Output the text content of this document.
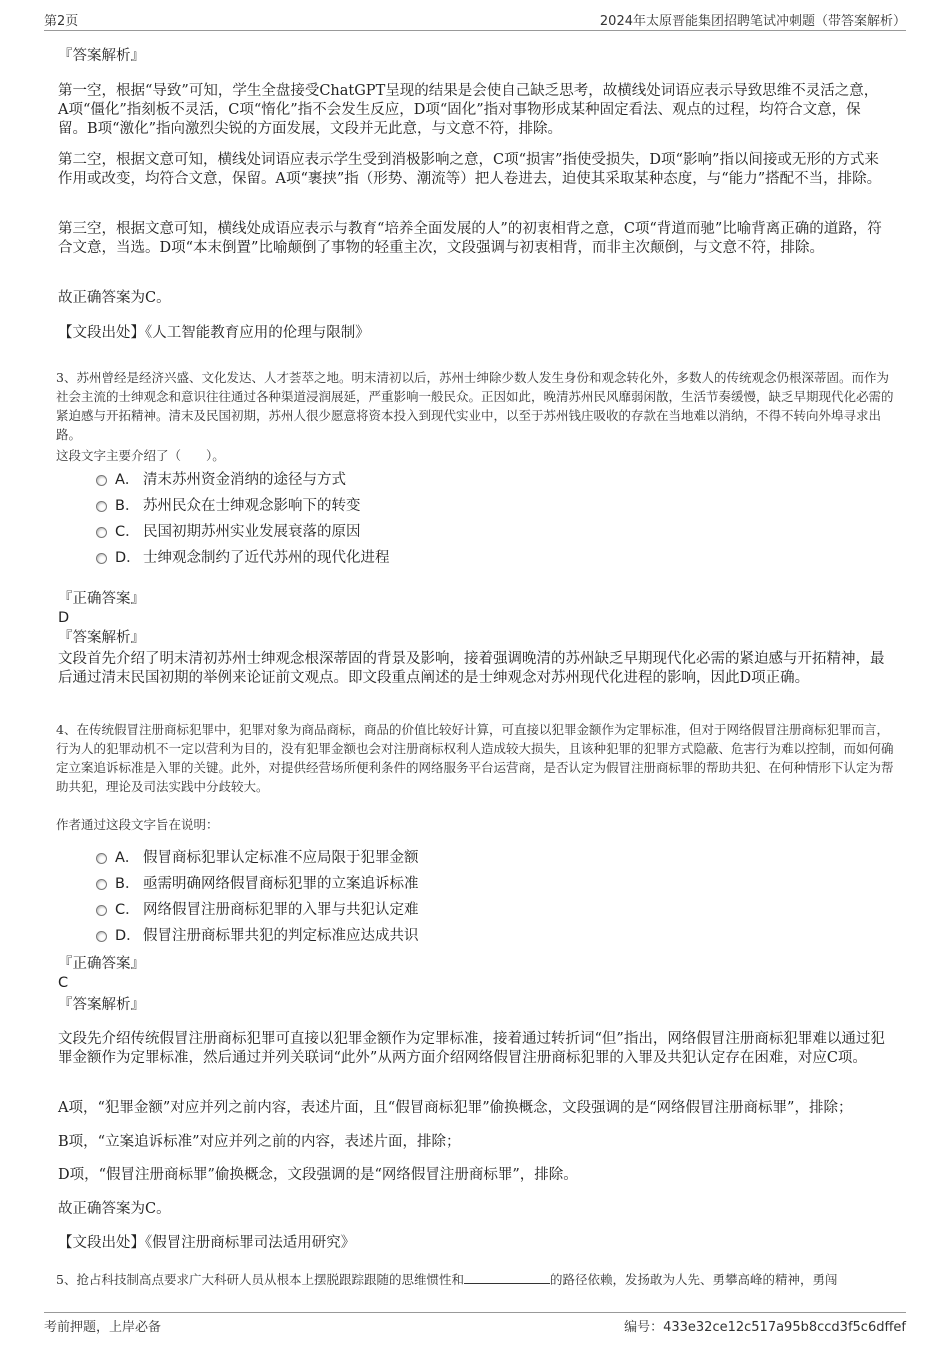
第2页	2024年太原晋能集团招聘笔试冲刺题（带答案解析）
『答案解析』
第一空，根据“导致”可知，学生全盘接受ChatGPT呈现的结果是会使自己缺乏思考，故横线处词语应表示导致思维不灵活之意，A项“僵化”指刻板不灵活，C项“惰化”指不会发生反应，D项“固化”指对事物形成某种固定看法、观点的过程，均符合文意，保留。B项“激化”指向激烈尖锐的方面发展，文段并无此意，与文意不符，排除。
第二空，根据文意可知，横线处词语应表示学生受到消极影响之意，C项“损害”指使受损失，D项“影响”指以间接或无形的方式来作用或改变，均符合文意，保留。A项“裹挟”指（形势、潮流等）把人卷进去，迫使其采取某种态度，与“能力”搭配不当，排除。
第三空，根据文意可知，横线处成语应表示与教育“培养全面发展的人”的初衷相背之意，C项“背道而驰”比喻背离正确的道路，符合文意，当选。D项“本末倒置”比喻颠倒了事物的轻重主次，文段强调与初衷相背，而非主次颠倒，与文意不符，排除。
故正确答案为C。
【文段出处】《人工智能教育应用的伦理与限制》
3、苏州曾经是经济兴盛、文化发达、人才荟萃之地。明末清初以后，苏州士绅除少数人发生身份和观念转化外，多数人的传统观念仍根深蒂固。而作为社会主流的士绅观念和意识往往通过各种渠道浸润展延，严重影响一般民众。正因如此，晚清苏州民风靡弱闲散，生活节奏缓慢，缺乏早期现代化必需的紧迫感与开拓精神。清末及民国初期，苏州人很少愿意将资本投入到现代实业中，以至于苏州钱庄吸收的存款在当地难以消纳，不得不转向外埠寻求出路。
这段文字主要介绍了（　　）。
A． 清末苏州资金消纳的途径与方式
B． 苏州民众在士绅观念影响下的转变
C． 民国初期苏州实业发展衰落的原因
D． 士绅观念制约了近代苏州的现代化进程
『正确答案』
D
『答案解析』
文段首先介绍了明末清初苏州士绅观念根深蒂固的背景及影响，接着强调晚清的苏州缺乏早期现代化必需的紧迫感与开拓精神，最后通过清末民国初期的举例来论证前文观点。即文段重点阐述的是士绅观念对苏州现代化进程的影响，因此D项正确。
4、在传统假冒注册商标犯罪中，犯罪对象为商品商标，商品的价值比较好计算，可直接以犯罪金额作为定罪标准，但对于网络假冒注册商标犯罪而言，行为人的犯罪动机不一定以营利为目的，没有犯罪金额也会对注册商标权利人造成较大损失，且该种犯罪的犯罪方式隐蔽、危害行为难以控制，而如何确定立案追诉标准是入罪的关键。此外，对提供经营场所便利条件的网络服务平台运营商，是否认定为假冒注册商标罪的帮助共犯、在何种情形下认定为帮助共犯，理论及司法实践中分歧较大。
作者通过这段文字旨在说明：
A． 假冒商标犯罪认定标准不应局限于犯罪金额
B． 亟需明确网络假冒商标犯罪的立案追诉标准
C． 网络假冒注册商标犯罪的入罪与共犯认定难
D． 假冒注册商标罪共犯的判定标准应达成共识
『正确答案』
C
『答案解析』
文段先介绍传统假冒注册商标犯罪可直接以犯罪金额作为定罪标准，接着通过转折词“但”指出，网络假冒注册商标犯罪难以通过犯罪金额作为定罪标准，然后通过并列关联词“此外”从两方面介绍网络假冒注册商标犯罪的入罪及共犯认定存在困难，对应C项。
A项，“犯罪金额”对应并列之前内容，表述片面，且“假冒商标犯罪”偷换概念，文段强调的是“网络假冒注册商标罪”，排除；
B项，“立案追诉标准”对应并列之前的内容，表述片面，排除；
D项，“假冒注册商标罪”偷换概念，文段强调的是“网络假冒注册商标罪”，排除。
故正确答案为C。
【文段出处】《假冒注册商标罪司法适用研究》
5、抢占科技制高点要求广大科研人员从根本上摆脱跟踪跟随的思维惯性和	的路径依赖，发扬敢为人先、勇攀高峰的精神，勇闯
考前押题，上岸必备	编号：433e32ce12c517a95b8ccd3f5c6dffef
